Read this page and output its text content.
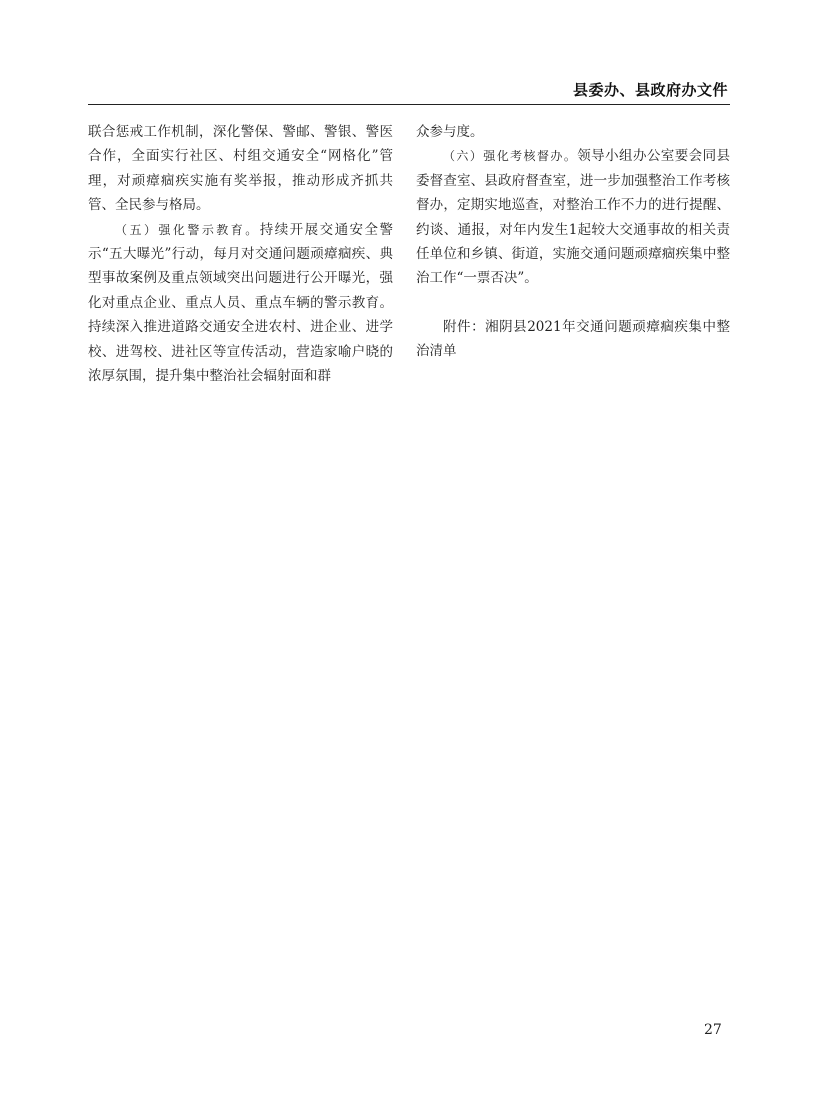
县委办、县政府办文件

联合惩戒工作机制，深化警保、警邮、警银、警医合作，全面实行社区、村组交通安全“网格化”管理，对顽瘴痼疾实施有奖举报，推动形成齐抓共管、全民参与格局。

（五）强化警示教育。持续开展交通安全警示“五大曝光”行动，每月对交通问题顽瘴痼疾、典型事故案例及重点领域突出问题进行公开曝光，强化对重点企业、重点人员、重点车辆的警示教育。持续深入推进道路交通安全进农村、进企业、进学校、进驾校、进社区等宣传活动，营造家喻户晓的浓厚氛围，提升集中整治社会辐射面和群

众参与度。

（六）强化考核督办。领导小组办公室要会同县委督查室、县政府督查室，进一步加强整治工作考核督办，定期实地巡查，对整治工作不力的进行提醒、约谈、通报，对年内发生1起较大交通事故的相关责任单位和乡镇、街道，实施交通问题顽瘴痼疾集中整治工作“一票否决”。

附件：湘阴县2021年交通问题顽瘴痼疾集中整治清单

27
